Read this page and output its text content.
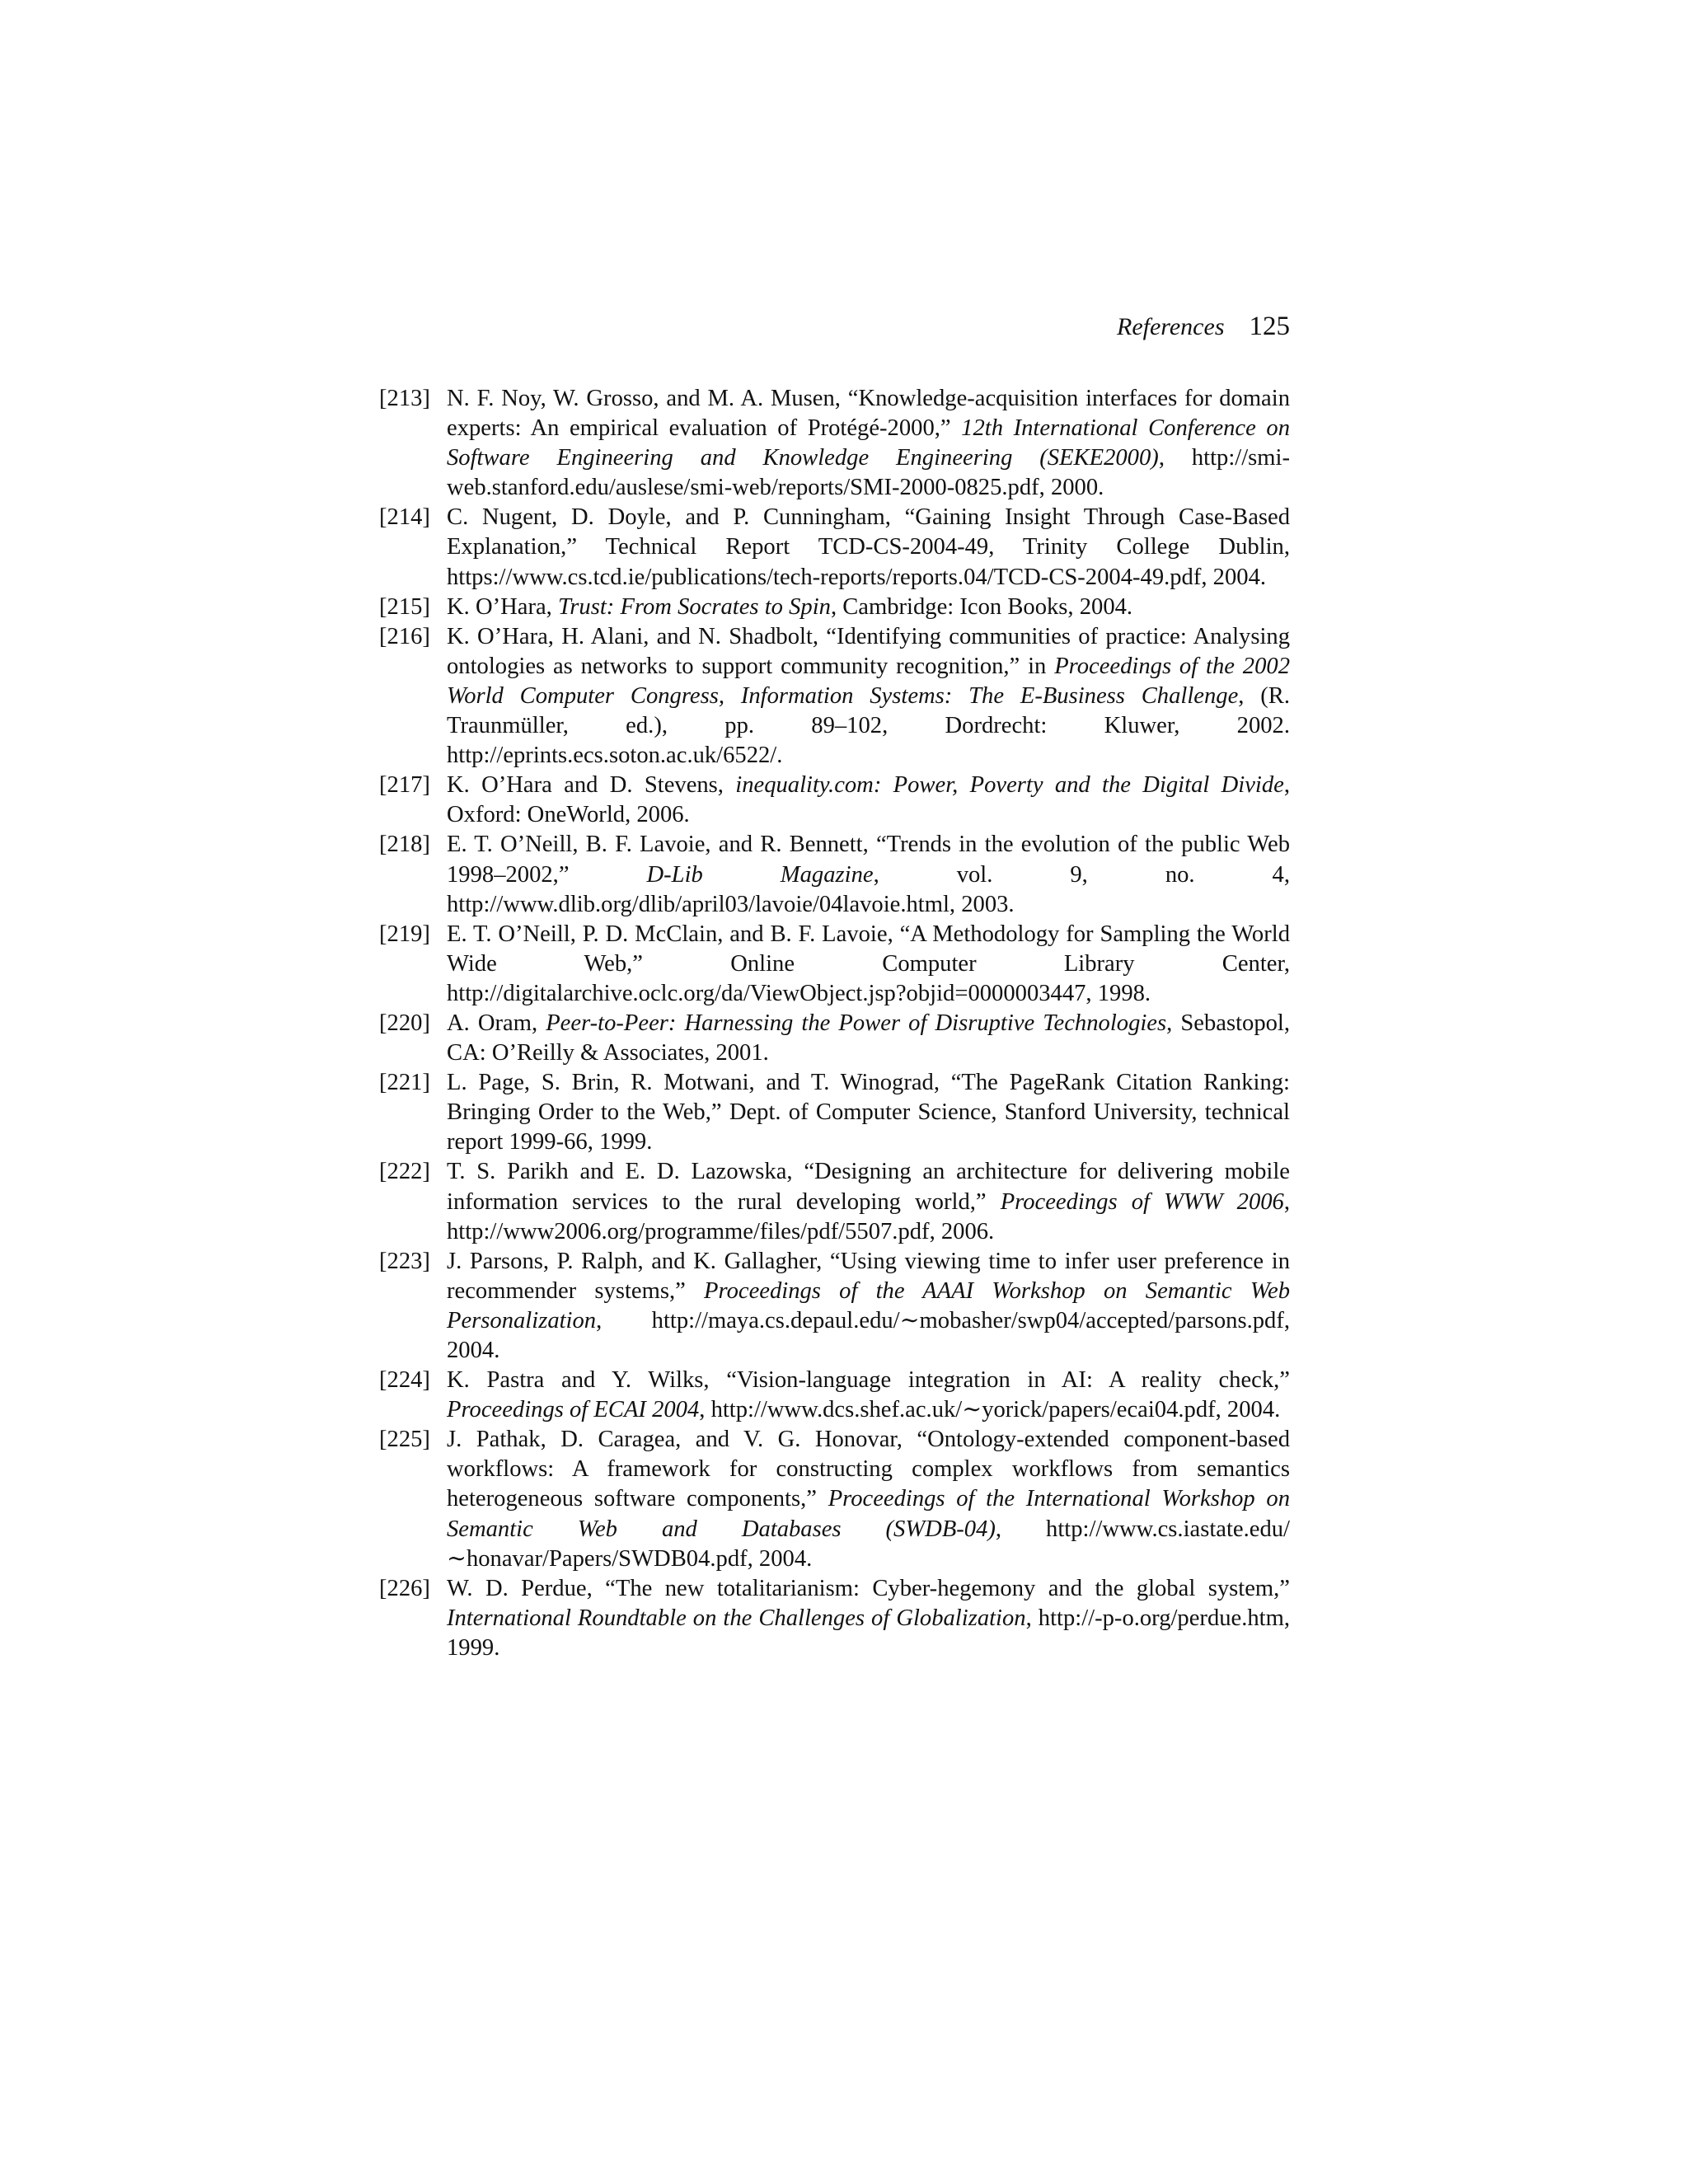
References 125
[213] N. F. Noy, W. Grosso, and M. A. Musen, “Knowledge-acquisition interfaces for domain experts: An empirical evaluation of Protégé-2000,” 12th International Conference on Software Engineering and Knowledge Engineering (SEKE2000), http://smi-web.stanford.edu/auslese/smi-web/reports/SMI-2000-0825.pdf, 2000.
[214] C. Nugent, D. Doyle, and P. Cunningham, “Gaining Insight Through Case-Based Explanation,” Technical Report TCD-CS-2004-49, Trinity College Dublin, https://www.cs.tcd.ie/publications/tech-reports/reports.04/TCD-CS-2004-49.pdf, 2004.
[215] K. O’Hara, Trust: From Socrates to Spin, Cambridge: Icon Books, 2004.
[216] K. O’Hara, H. Alani, and N. Shadbolt, “Identifying communities of practice: Analysing ontologies as networks to support community recognition,” in Proceedings of the 2002 World Computer Congress, Information Systems: The E-Business Challenge, (R. Traunmüller, ed.), pp. 89–102, Dordrecht: Kluwer, 2002. http://eprints.ecs.soton.ac.uk/6522/.
[217] K. O’Hara and D. Stevens, inequality.com: Power, Poverty and the Digital Divide, Oxford: OneWorld, 2006.
[218] E. T. O’Neill, B. F. Lavoie, and R. Bennett, “Trends in the evolution of the public Web 1998–2002,” D-Lib Magazine, vol. 9, no. 4, http://www.dlib.org/dlib/april03/lavoie/04lavoie.html, 2003.
[219] E. T. O’Neill, P. D. McClain, and B. F. Lavoie, “A Methodology for Sampling the World Wide Web,” Online Computer Library Center, http://digitalarchive.oclc.org/da/ViewObject.jsp?objid=0000003447, 1998.
[220] A. Oram, Peer-to-Peer: Harnessing the Power of Disruptive Technologies, Sebastopol, CA: O’Reilly & Associates, 2001.
[221] L. Page, S. Brin, R. Motwani, and T. Winograd, “The PageRank Citation Ranking: Bringing Order to the Web,” Dept. of Computer Science, Stanford University, technical report 1999-66, 1999.
[222] T. S. Parikh and E. D. Lazowska, “Designing an architecture for delivering mobile information services to the rural developing world,” Proceedings of WWW 2006, http://www2006.org/programme/files/pdf/5507.pdf, 2006.
[223] J. Parsons, P. Ralph, and K. Gallagher, “Using viewing time to infer user preference in recommender systems,” Proceedings of the AAAI Workshop on Semantic Web Personalization, http://maya.cs.depaul.edu/∼mobasher/swp04/accepted/parsons.pdf, 2004.
[224] K. Pastra and Y. Wilks, “Vision-language integration in AI: A reality check,” Proceedings of ECAI 2004, http://www.dcs.shef.ac.uk/∼yorick/papers/ecai04.pdf, 2004.
[225] J. Pathak, D. Caragea, and V. G. Honovar, “Ontology-extended component-based workflows: A framework for constructing complex workflows from semantics heterogeneous software components,” Proceedings of the International Workshop on Semantic Web and Databases (SWDB-04), http://www.cs.iastate.edu/∼honavar/Papers/SWDB04.pdf, 2004.
[226] W. D. Perdue, “The new totalitarianism: Cyber-hegemony and the global system,” International Roundtable on the Challenges of Globalization, http://-p-o.org/perdue.htm, 1999.
